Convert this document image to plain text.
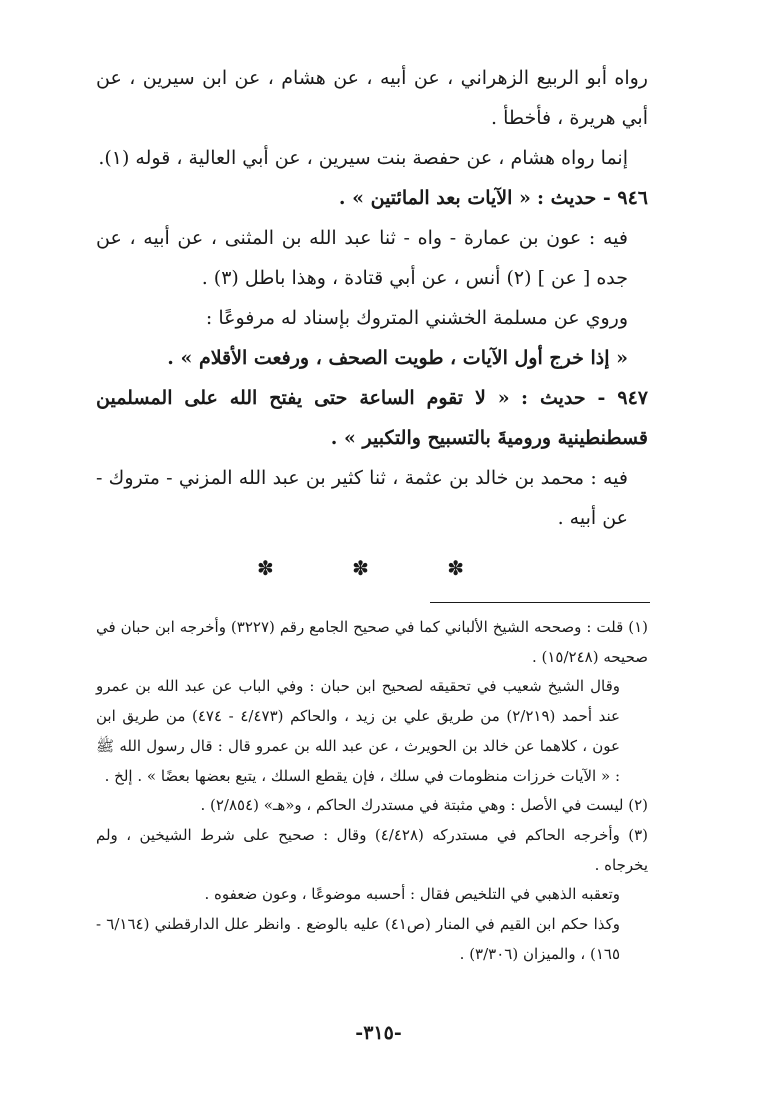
رواه أبو الربيع الزهراني ، عن أبيه ، عن هشام ، عن ابن سيرين ، عن أبي هريرة ، فأخطأ .

إنما رواه هشام ، عن حفصة بنت سيرين ، عن أبي العالية ، قوله (١).

٩٤٦ - حديث : « الآيات بعد المائتين » .

فيه : عون بن عمارة - واه - ثنا عبد الله بن المثنى ، عن أبيه ، عن جده [ عن ] (٢) أنس ، عن أبي قتادة ، وهذا باطل (٣) .

وروي عن مسلمة الخشني المتروك بإسناد له مرفوعًا :

« إذا خرج أول الآيات ، طويت الصحف ، ورفعت الأقلام » .

٩٤٧ - حديث : « لا تقوم الساعة حتى يفتح الله على المسلمين قسطنطينية وروميةَ بالتسبيح والتكبير » .

فيه : محمد بن خالد بن عثمة ، ثنا كثير بن عبد الله المزني - متروك - عن أبيه .

✽ ✽ ✽

(١) قلت : وصححه الشيخ الألباني كما في صحيح الجامع رقم (٣٢٢٧) وأخرجه ابن حبان في صحيحه (١٥/٢٤٨) .

وقال الشيخ شعيب في تحقيقه لصحيح ابن حبان : وفي الباب عن عبد الله بن عمرو عند أحمد (٢/٢١٩) من طريق علي بن زيد ، والحاكم (٤/٤٧٣ - ٤٧٤) من طريق ابن عون ، كلاهما عن خالد بن الحويرث ، عن عبد الله بن عمرو قال : قال رسول الله ﷺ : « الآيات خرزات منظومات في سلك ، فإن يقطع السلك ، يتبع بعضها بعضًا » . إلخ .

(٢) ليست في الأصل : وهي مثبتة في مستدرك الحاكم ، و«هـ» (٢/٨٥٤) .

(٣) وأخرجه الحاكم في مستدركه (٤/٤٢٨) وقال : صحيح على شرط الشيخين ، ولم يخرجاه .

وتعقبه الذهبي في التلخيص فقال : أحسبه موضوعًا ، وعون ضعفوه .

وكذا حكم ابن القيم في المنار (ص٤١) عليه بالوضع . وانظر علل الدارقطني (٦/١٦٤ - ١٦٥) ، والميزان (٣/٣٠٦) .

-٣١٥-
